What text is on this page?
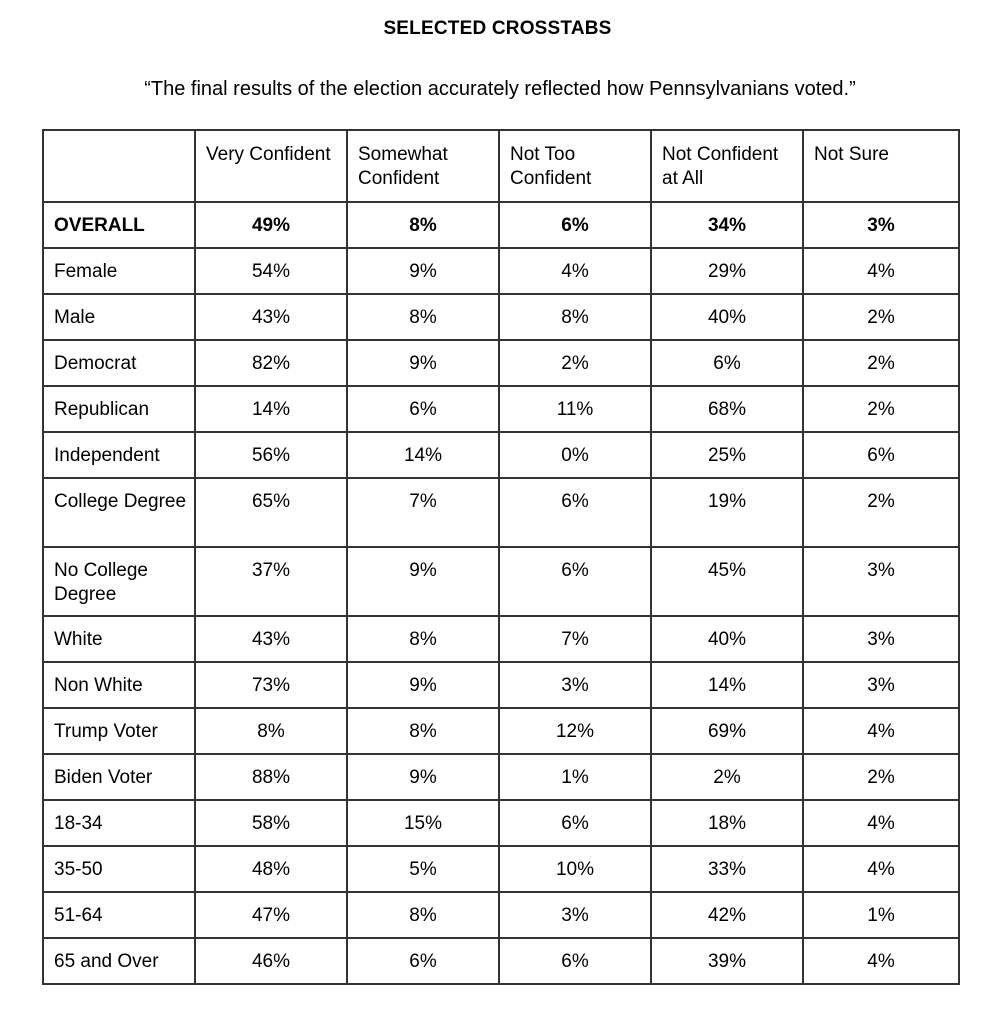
SELECTED CROSSTABS
“The final results of the election accurately reflected how Pennsylvanians voted.”
	Very Confident	Somewhat Confident	Not Too Confident	Not Confident at All	Not Sure
OVERALL	49%	8%	6%	34%	3%
Female	54%	9%	4%	29%	4%
Male	43%	8%	8%	40%	2%
Democrat	82%	9%	2%	6%	2%
Republican	14%	6%	11%	68%	2%
Independent	56%	14%	0%	25%	6%
College Degree	65%	7%	6%	19%	2%
No College Degree	37%	9%	6%	45%	3%
White	43%	8%	7%	40%	3%
Non White	73%	9%	3%	14%	3%
Trump Voter	8%	8%	12%	69%	4%
Biden Voter	88%	9%	1%	2%	2%
18-34	58%	15%	6%	18%	4%
35-50	48%	5%	10%	33%	4%
51-64	47%	8%	3%	42%	1%
65 and Over	46%	6%	6%	39%	4%
